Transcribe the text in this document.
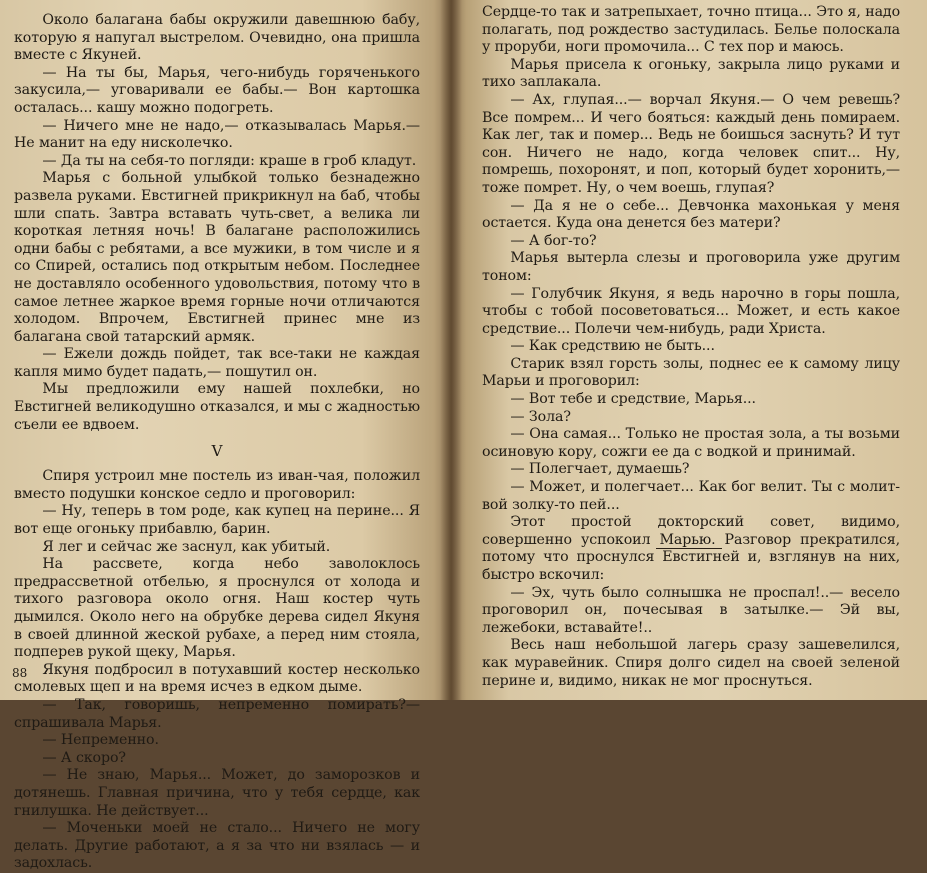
Около балагана бабы окружили давешнюю бабу, которую я напугал выстрелом. Очевидно, она пришла вместе с Якуней.

— На ты бы, Марья, чего-нибудь горяченького закусила,— уговаривали ее бабы.— Вон картошка осталась... кашу можно подогреть.

— Ничего мне не надо,— отказывалась Марья.— Не манит на еду нисколечко.

— Да ты на себя-то погляди: краше в гроб кладут.

Марья с больной улыбкой только безнадежно развела руками. Евстигней прикрикнул на баб, чтобы шли спать. Завтра вставать чуть-свет, а велика ли короткая летняя ночь! В балагане расположились одни бабы с ребятами, а все мужики, в том числе и я со Спирей, остались под открытым небом. Последнее не доставляло особенного удовольствия, потому что в самое летнее жаркое время горные ночи отличаются холодом. Впрочем, Евстигней принес мне из балагана свой татарский армяк.

— Ежели дождь пойдет, так все-таки не каждая капля мимо будет падать,— пошутил он.

Мы предложили ему нашей похлебки, но Евстигней великодушно отказался, и мы с жадностью съели ее вдвоем.

V

Спиря устроил мне постель из иван-чая, положил вместо подушки конское седло и проговорил:

— Ну, теперь в том роде, как купец на перине... Я вот еще огоньку прибавлю, барин.

Я лег и сейчас же заснул, как убитый.

На рассвете, когда небо заволоклось предрассветной отбелью, я проснулся от холода и тихого разговора около огня. Наш костер чуть дымился. Около него на обрубке дерева сидел Якуня в своей длинной жеской рубахе, а перед ним стояла, подперев рукой щеку, Марья.

Якуня подбросил в потухавший костер несколько смолевых щеп и на время исчез в едком дыме.

— Так, говоришь, непременно помирать?— спрашивала Марья.

— Непременно.

— А скоро?

— Не знаю, Марья... Может, до заморозков и дотянешь. Главная причина, что у тебя сердце, как гнилушка. Не действует...

— Моченьки моей не стало... Ничего не могу делать. Другие работают, а я за что ни взялась — и задохлась.

88

Сердце-то так и затрепыхает, точно птица... Это я, надо полагать, под рождество застудилась. Белье полоскала у проруби, ноги промочила... С тех пор и маюсь.

Марья присела к огоньку, закрыла лицо руками и тихо заплакала.

— Ах, глупая...— ворчал Якуня.— О чем ревешь? Все помрем... И чего бояться: каждый день помираем. Как лег, так и помер... Ведь не боишься заснуть? И тут сон. Ничего не надо, когда человек спит... Ну, помрешь, похоронят, и поп, который будет хоронить,— тоже помрет. Ну, о чем воешь, глупая?

— Да я не о себе... Девчонка махонькая у меня остается. Куда она денется без матери?

— А бог-то?

Марья вытерла слезы и проговорила уже другим тоном:

— Голубчик Якуня, я ведь нарочно в горы пошла, чтобы с тобой посоветоваться... Может, и есть какое средствие... Полечи чем-нибудь, ради Христа.

— Как средствию не быть...

Старик взял горсть золы, поднес ее к самому лицу Марьи и проговорил:

— Вот тебе и средствие, Марья...

— Зола?

— Она самая... Только не простая зола, а ты возьми осиновую кору, сожги ее да с водкой и принимай.

— Полегчает, думаешь?

— Может, и полегчает... Как бог велит. Ты с молитвой золку-то пей...

Этот простой докторский совет, видимо, совершенно успокоил Марью. Разговор прекратился, потому что проснулся Евстигней и, взглянув на них, быстро вскочил:

— Эх, чуть было солнышка не проспал!..— весело проговорил он, почесывая в затылке.— Эй вы, лежебоки, вставайте!..

Весь наш небольшой лагерь сразу зашевелился, как муравейник. Спиря долго сидел на своей зеленой перине и, видимо, никак не мог проснуться.
